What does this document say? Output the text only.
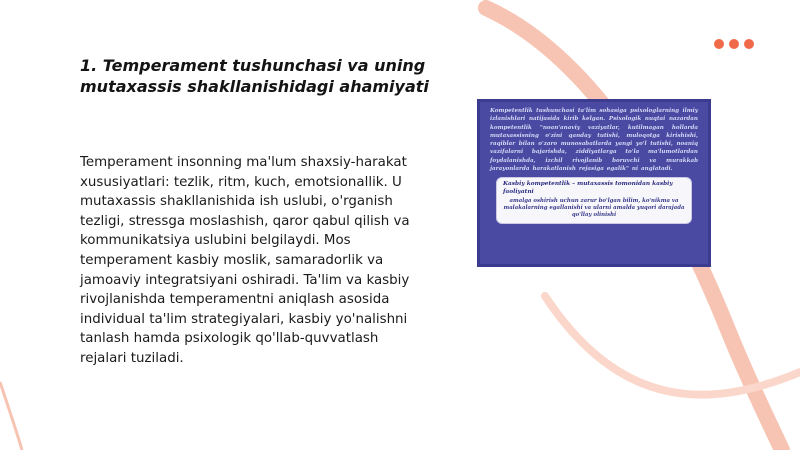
1. Temperament tushunchasi va uning mutaxassis shakllanishidagi ahamiyati

Temperament insonning ma'lum shaxsiy-harakat xususiyatlari: tezlik, ritm, kuch, emotsionallik. U mutaxassis shakllanishida ish uslubi, o'rganish tezligi, stressga moslashish, qaror qabul qilish va kommunikatsiya uslubini belgilaydi. Mos temperament kasbiy moslik, samaradorlik va jamoaviy integratsiyani oshiradi. Ta'lim va kasbiy rivojlanishda temperamentni aniqlash asosida individual ta'lim strategiyalari, kasbiy yo'nalishni tanlash hamda psixologik qo'llab-quvvatlash rejalari tuziladi.

Kompetentlik tushunchasi ta'lim sohasiga psixologlarning ilmiy izlanishlari natijasida kirib kelgan. Psixologik nuqtai nazardan kompetentlik "noan'anaviy vaziyatlar, kutilmagan hollarda mutaxassisning o'zini qanday tutishi, muloqotga kirishishi, raqiblar bilan o'zaro munosabatlarda yangi yo'l tutishi, noaniq vazifalarni bajarishda, ziddiyatlarga to'la ma'lumotlardan foydalanishda, izchil rivojlanib boruvchi va murakkab jarayonlarda harakatlanish rejasiga egalik" ni anglatadi.

Kasbiy kompetentlik – mutaxassis tomonidan kasbiy faoliyatni

amalga oshirish uchun zarur bo'lgan bilim, ko'nikma va malakalarning egallanishi va ularni amalda yuqori darajada qo'llay olinishi
